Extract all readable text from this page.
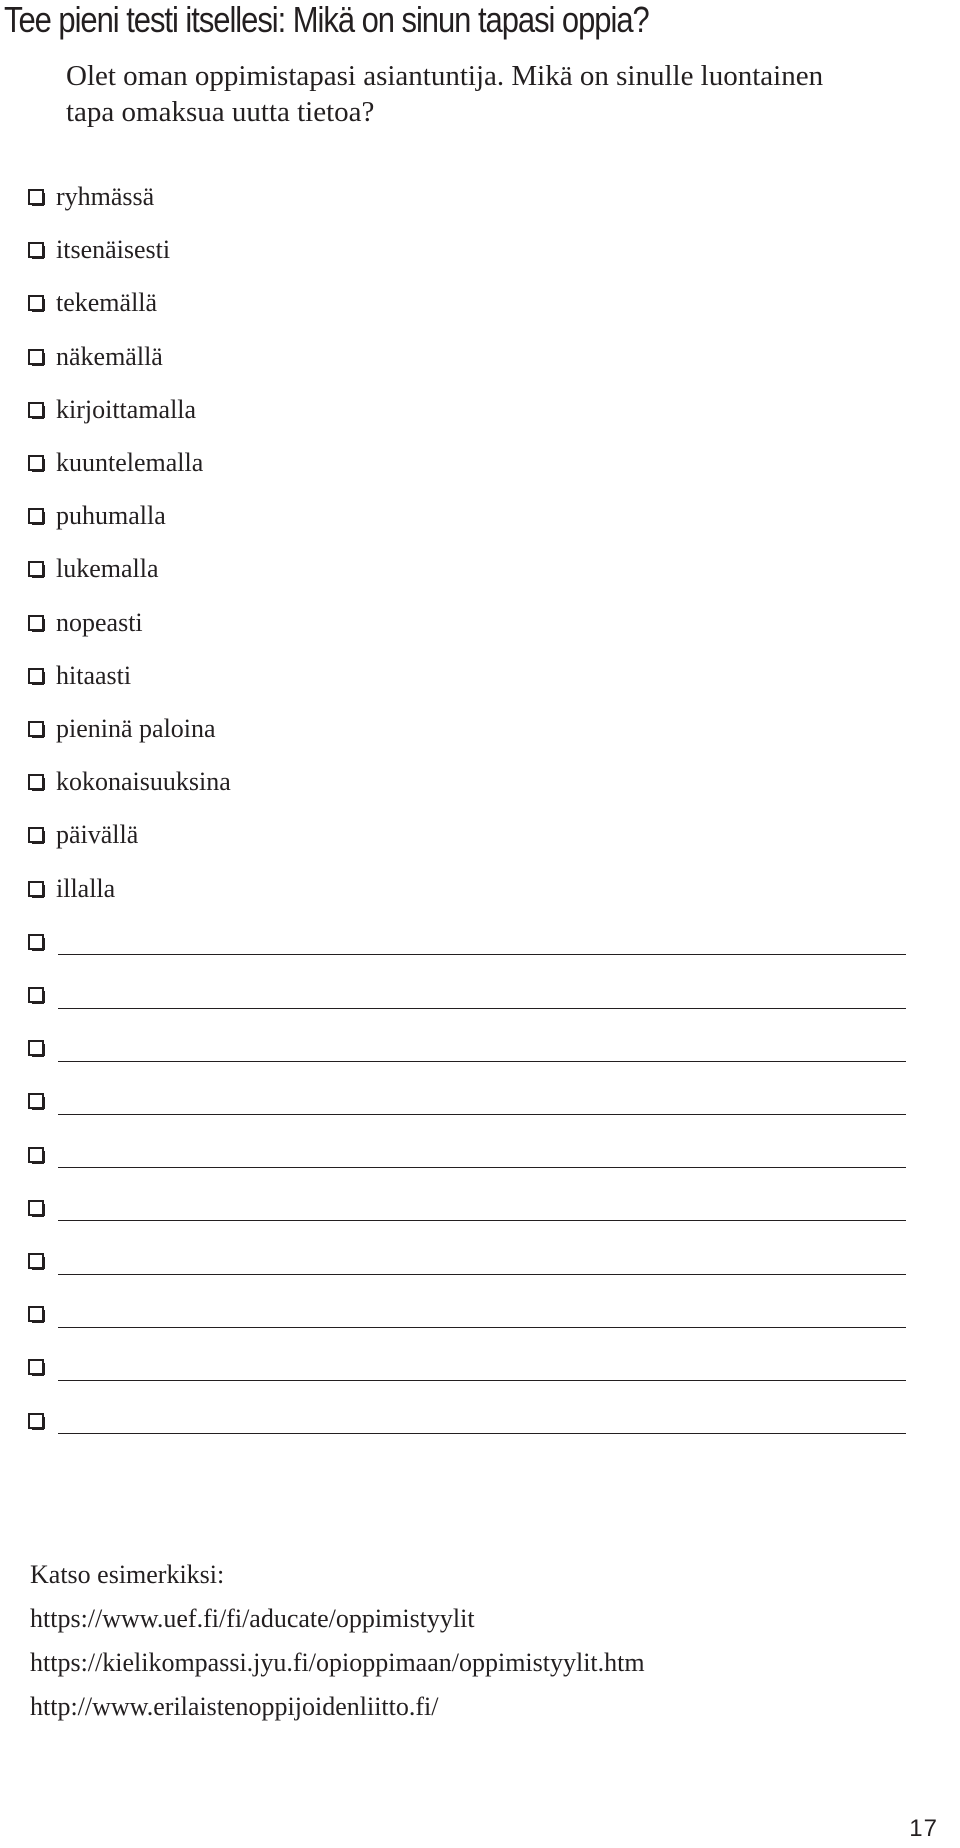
Tee pieni testi itsellesi: Mikä on sinun tapasi oppia?
Olet oman oppimistapasi asiantuntija. Mikä on sinulle luontainen
tapa omaksua uutta tietoa?
ryhmässä
itsenäisesti
tekemällä
näkemällä
kirjoittamalla
kuuntelemalla
puhumalla
lukemalla
nopeasti
hitaasti
pieninä paloina
kokonaisuuksina
päivällä
illalla
Katso esimerkiksi:
https://www.uef.fi/fi/aducate/oppimistyylit
https://kielikompassi.jyu.fi/opioppimaan/oppimistyylit.htm
http://www.erilaistenoppijoidenliitto.fi/
17
